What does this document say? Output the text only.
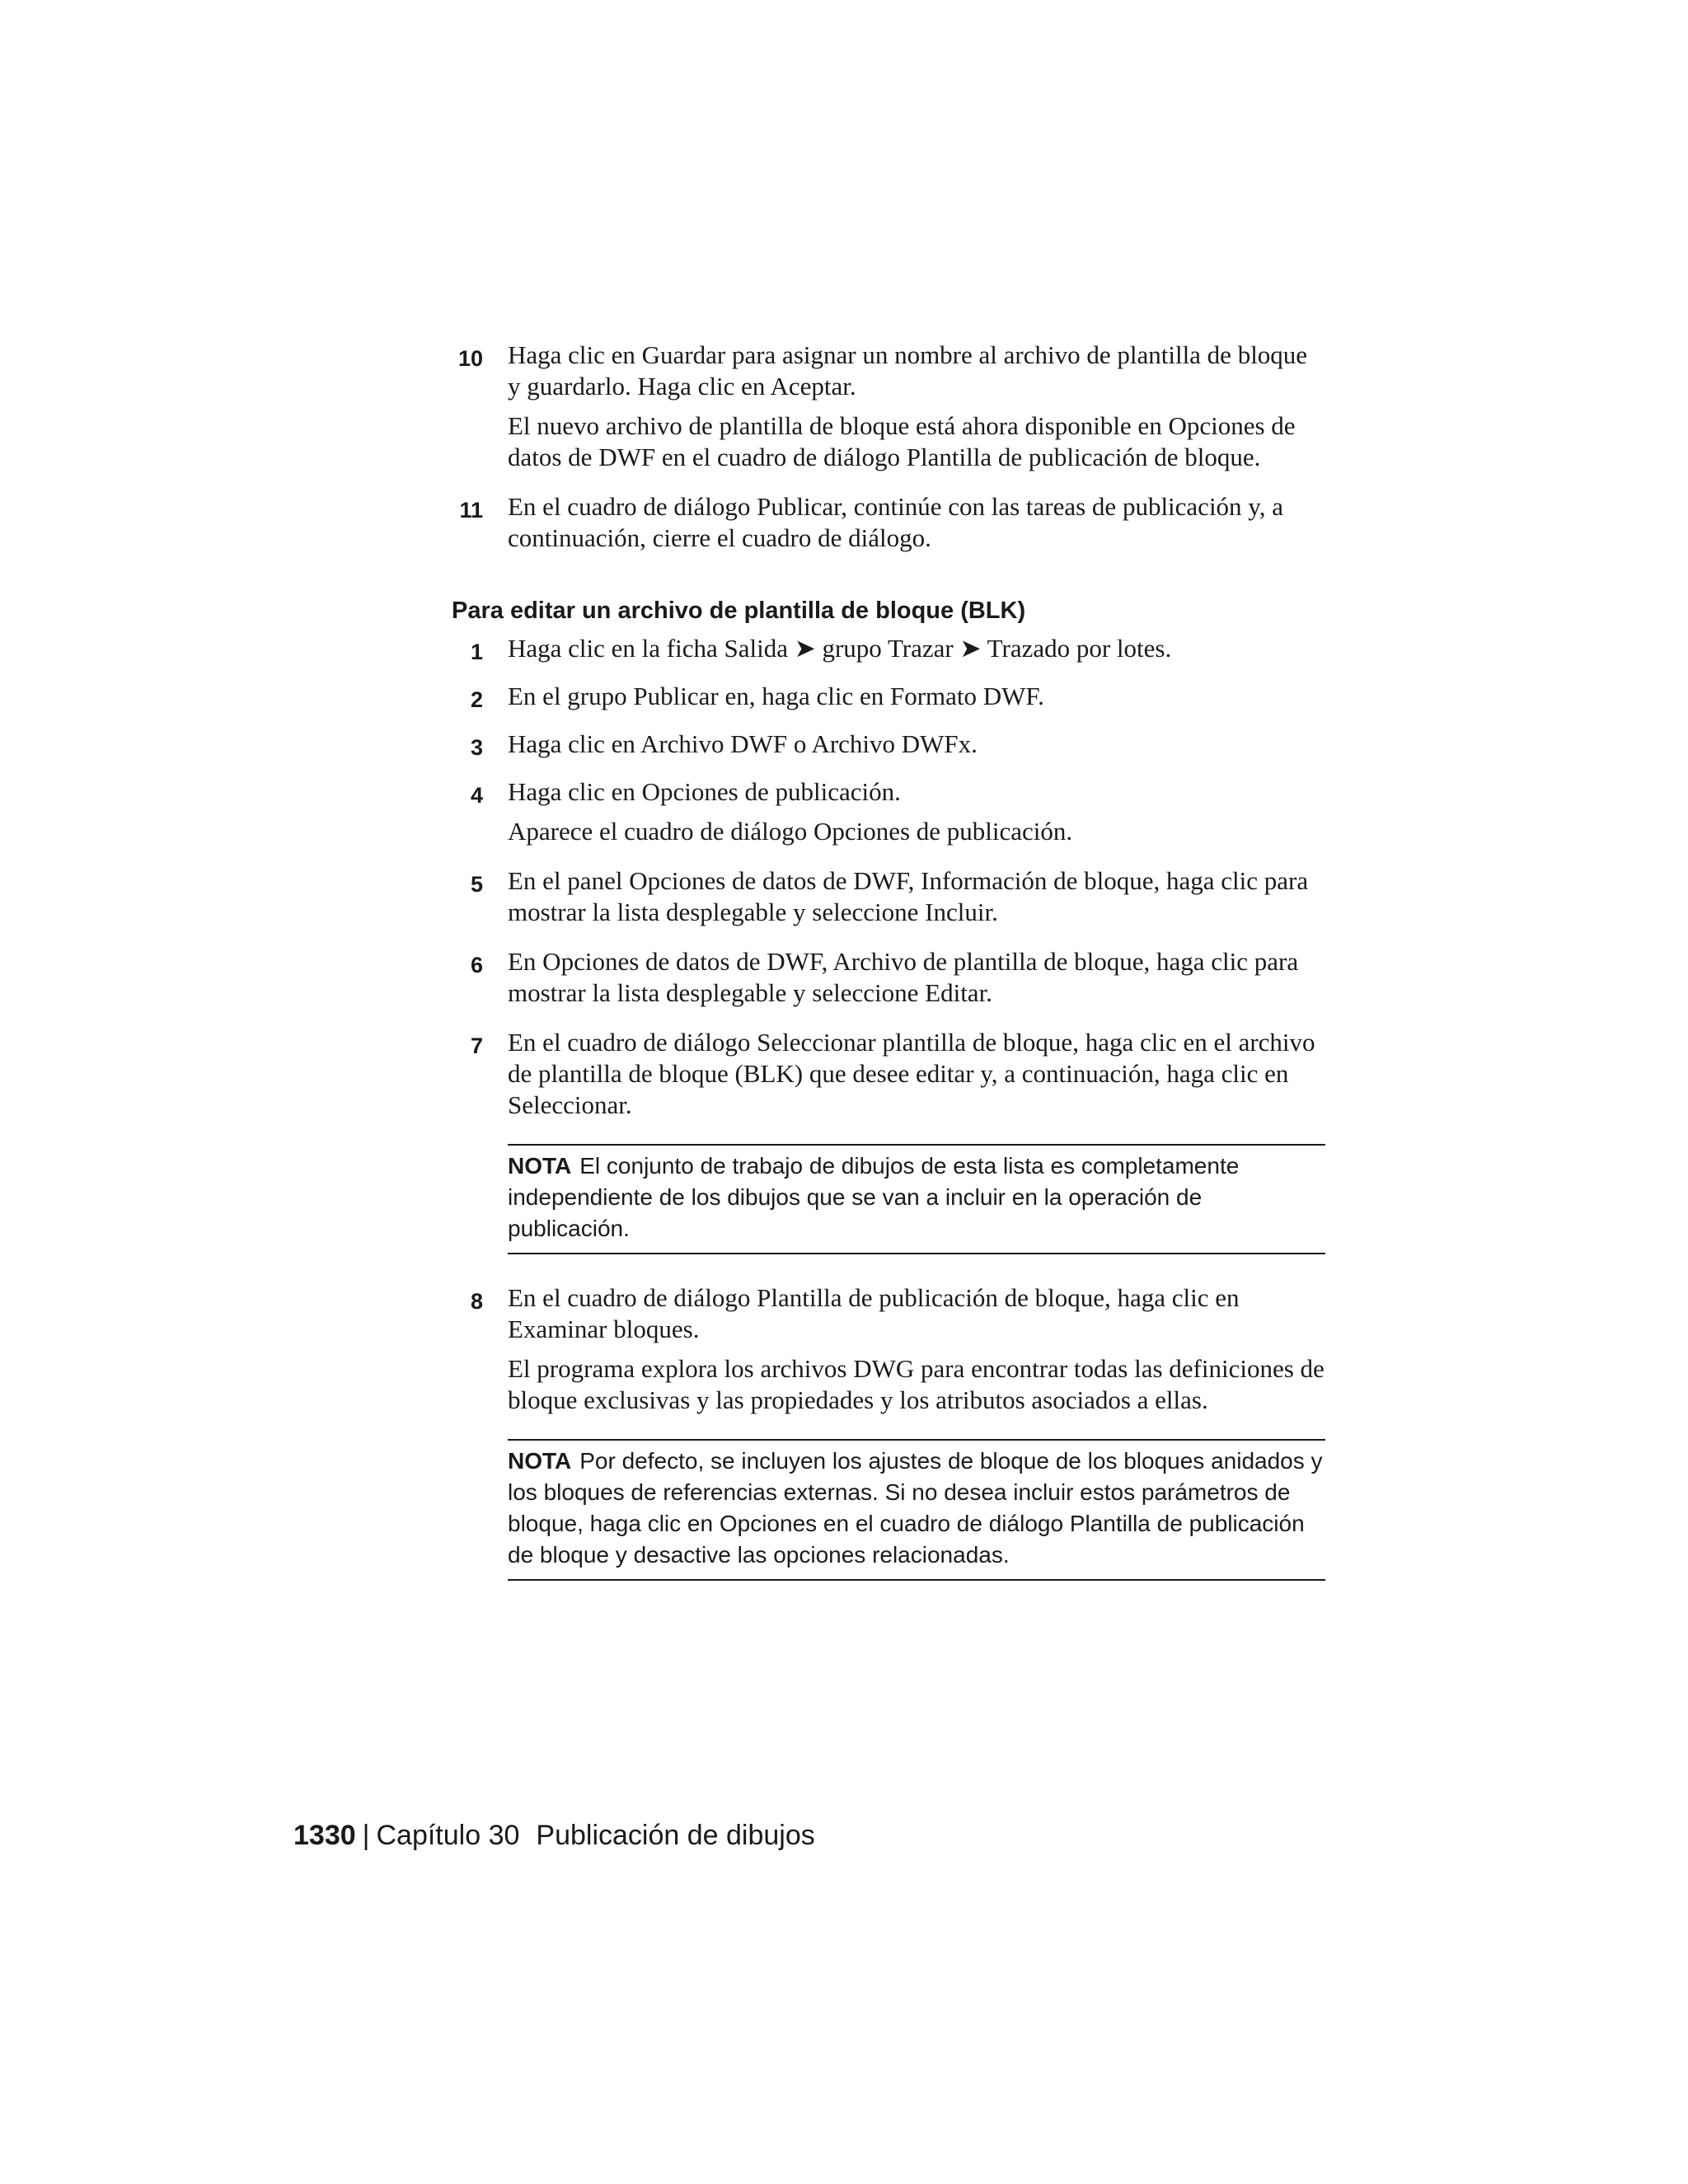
10 Haga clic en Guardar para asignar un nombre al archivo de plantilla de bloque y guardarlo. Haga clic en Aceptar.

El nuevo archivo de plantilla de bloque está ahora disponible en Opciones de datos de DWF en el cuadro de diálogo Plantilla de publicación de bloque.

11 En el cuadro de diálogo Publicar, continúe con las tareas de publicación y, a continuación, cierre el cuadro de diálogo.

Para editar un archivo de plantilla de bloque (BLK)

1 Haga clic en la ficha Salida ➤ grupo Trazar ➤ Trazado por lotes.

2 En el grupo Publicar en, haga clic en Formato DWF.

3 Haga clic en Archivo DWF o Archivo DWFx.

4 Haga clic en Opciones de publicación.

Aparece el cuadro de diálogo Opciones de publicación.

5 En el panel Opciones de datos de DWF, Información de bloque, haga clic para mostrar la lista desplegable y seleccione Incluir.

6 En Opciones de datos de DWF, Archivo de plantilla de bloque, haga clic para mostrar la lista desplegable y seleccione Editar.

7 En el cuadro de diálogo Seleccionar plantilla de bloque, haga clic en el archivo de plantilla de bloque (BLK) que desee editar y, a continuación, haga clic en Seleccionar.

NOTA El conjunto de trabajo de dibujos de esta lista es completamente independiente de los dibujos que se van a incluir en la operación de publicación.
8 En el cuadro de diálogo Plantilla de publicación de bloque, haga clic en Examinar bloques.

El programa explora los archivos DWG para encontrar todas las definiciones de bloque exclusivas y las propiedades y los atributos asociados a ellas.

NOTA Por defecto, se incluyen los ajustes de bloque de los bloques anidados y los bloques de referencias externas. Si no desea incluir estos parámetros de bloque, haga clic en Opciones en el cuadro de diálogo Plantilla de publicación de bloque y desactive las opciones relacionadas.
1330 | Capítulo 30 Publicación de dibujos
